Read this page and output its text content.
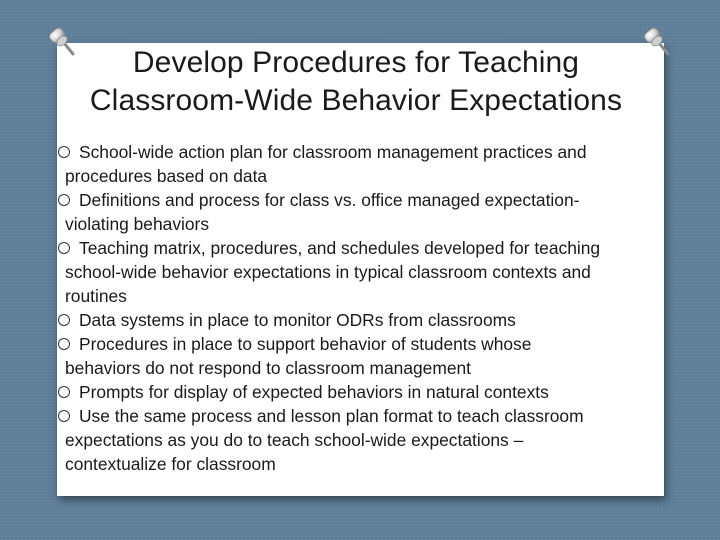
Develop Procedures for Teaching
Classroom-Wide Behavior Expectations
School-wide action plan for classroom management practices and
procedures based on data
Definitions and process for class vs. office managed expectation-
violating behaviors
Teaching matrix, procedures, and schedules developed for teaching
school-wide behavior expectations in typical classroom contexts and
routines
Data systems in place to monitor ODRs from classrooms
Procedures in place to support behavior of students whose
behaviors do not respond to classroom management
Prompts for display of expected behaviors in natural contexts
Use the same process and lesson plan format to teach classroom
expectations as you do to teach school-wide expectations –
contextualize for classroom
